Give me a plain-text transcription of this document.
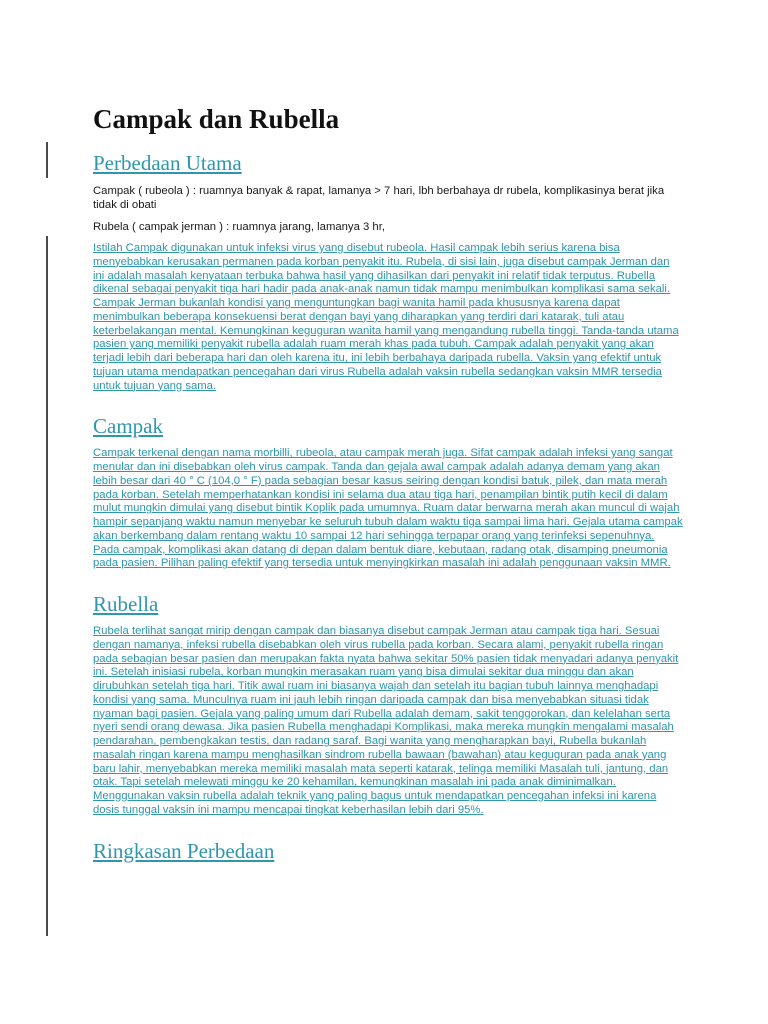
Campak dan Rubella
Perbedaan Utama

Campak ( rubeola ) : ruamnya banyak & rapat, lamanya > 7 hari, lbh berbahaya dr rubela, komplikasinya berat jika tidak di obati

Rubela ( campak jerman ) : ruamnya jarang, lamanya 3 hr,

Istilah Campak digunakan untuk infeksi virus yang disebut rubeola. Hasil campak lebih serius karena bisa menyebabkan kerusakan permanen pada korban penyakit itu. Rubela, di sisi lain, juga disebut campak Jerman dan ini adalah masalah kenyataan terbuka bahwa hasil yang dihasilkan dari penyakit ini relatif tidak terputus. Rubella dikenal sebagai penyakit tiga hari hadir pada anak-anak namun tidak mampu menimbulkan komplikasi sama sekali. Campak Jerman bukanlah kondisi yang menguntungkan bagi wanita hamil pada khususnya karena dapat menimbulkan beberapa konsekuensi berat dengan bayi yang diharapkan yang terdiri dari katarak, tuli atau keterbelakangan mental. Kemungkinan keguguran wanita hamil yang mengandung rubella tinggi. Tanda-tanda utama pasien yang memiliki penyakit rubella adalah ruam merah khas pada tubuh. Campak adalah penyakit yang akan terjadi lebih dari beberapa hari dan oleh karena itu, ini lebih berbahaya daripada rubella. Vaksin yang efektif untuk tujuan utama mendapatkan pencegahan dari virus Rubella adalah vaksin rubella sedangkan vaksin MMR tersedia untuk tujuan yang sama.

Campak

Campak terkenal dengan nama morbilli, rubeola, atau campak merah juga. Sifat campak adalah infeksi yang sangat menular dan ini disebabkan oleh virus campak. Tanda dan gejala awal campak adalah adanya demam yang akan lebih besar dari 40 ° C (104,0 ° F) pada sebagian besar kasus seiring dengan kondisi batuk, pilek, dan mata merah pada korban. Setelah memperhatankan kondisi ini selama dua atau tiga hari, penampilan bintik putih kecil di dalam mulut mungkin dimulai yang disebut bintik Koplik pada umumnya. Ruam datar berwarna merah akan muncul di wajah hampir sepanjang waktu namun menyebar ke seluruh tubuh dalam waktu tiga sampai lima hari. Gejala utama campak akan berkembang dalam rentang waktu 10 sampai 12 hari sehingga terpapar orang yang terinfeksi sepenuhnya. Pada campak, komplikasi akan datang di depan dalam bentuk diare, kebutaan, radang otak, disamping pneumonia pada pasien. Pilihan paling efektif yang tersedia untuk menyingkirkan masalah ini adalah penggunaan vaksin MMR.

Rubella

Rubela terlihat sangat mirip dengan campak dan biasanya disebut campak Jerman atau campak tiga hari. Sesuai dengan namanya, infeksi rubella disebabkan oleh virus rubella pada korban. Secara alami, penyakit rubella ringan pada sebagian besar pasien dan merupakan fakta nyata bahwa sekitar 50% pasien tidak menyadari adanya penyakit ini. Setelah inisiasi rubela, korban mungkin merasakan ruam yang bisa dimulai sekitar dua minggu dan akan dirubuhkan setelah tiga hari. Titik awal ruam ini biasanya wajah dan setelah itu bagian tubuh lainnya menghadapi kondisi yang sama. Munculnya ruam ini jauh lebih ringan daripada campak dan bisa menyebabkan situasi tidak nyaman bagi pasien. Gejala yang paling umum dari Rubella adalah demam, sakit tenggorokan, dan kelelahan serta nyeri sendi orang dewasa. Jika pasien Rubella menghadapi Komplikasi, maka mereka mungkin mengalami masalah pendarahan, pembengkakan testis, dan radang saraf. Bagi wanita yang mengharapkan bayi, Rubella bukanlah masalah ringan karena mampu menghasilkan sindrom rubella bawaan (bawahan) atau keguguran pada anak yang baru lahir, menyebabkan mereka memiliki masalah mata seperti katarak, telinga memiliki Masalah tuli, jantung, dan otak. Tapi setelah melewati minggu ke 20 kehamilan, kemungkinan masalah ini pada anak diminimalkan. Menggunakan vaksin rubella adalah teknik yang paling bagus untuk mendapatkan pencegahan infeksi ini karena dosis tunggal vaksin ini mampu mencapai tingkat keberhasilan lebih dari 95%.

Ringkasan Perbedaan
